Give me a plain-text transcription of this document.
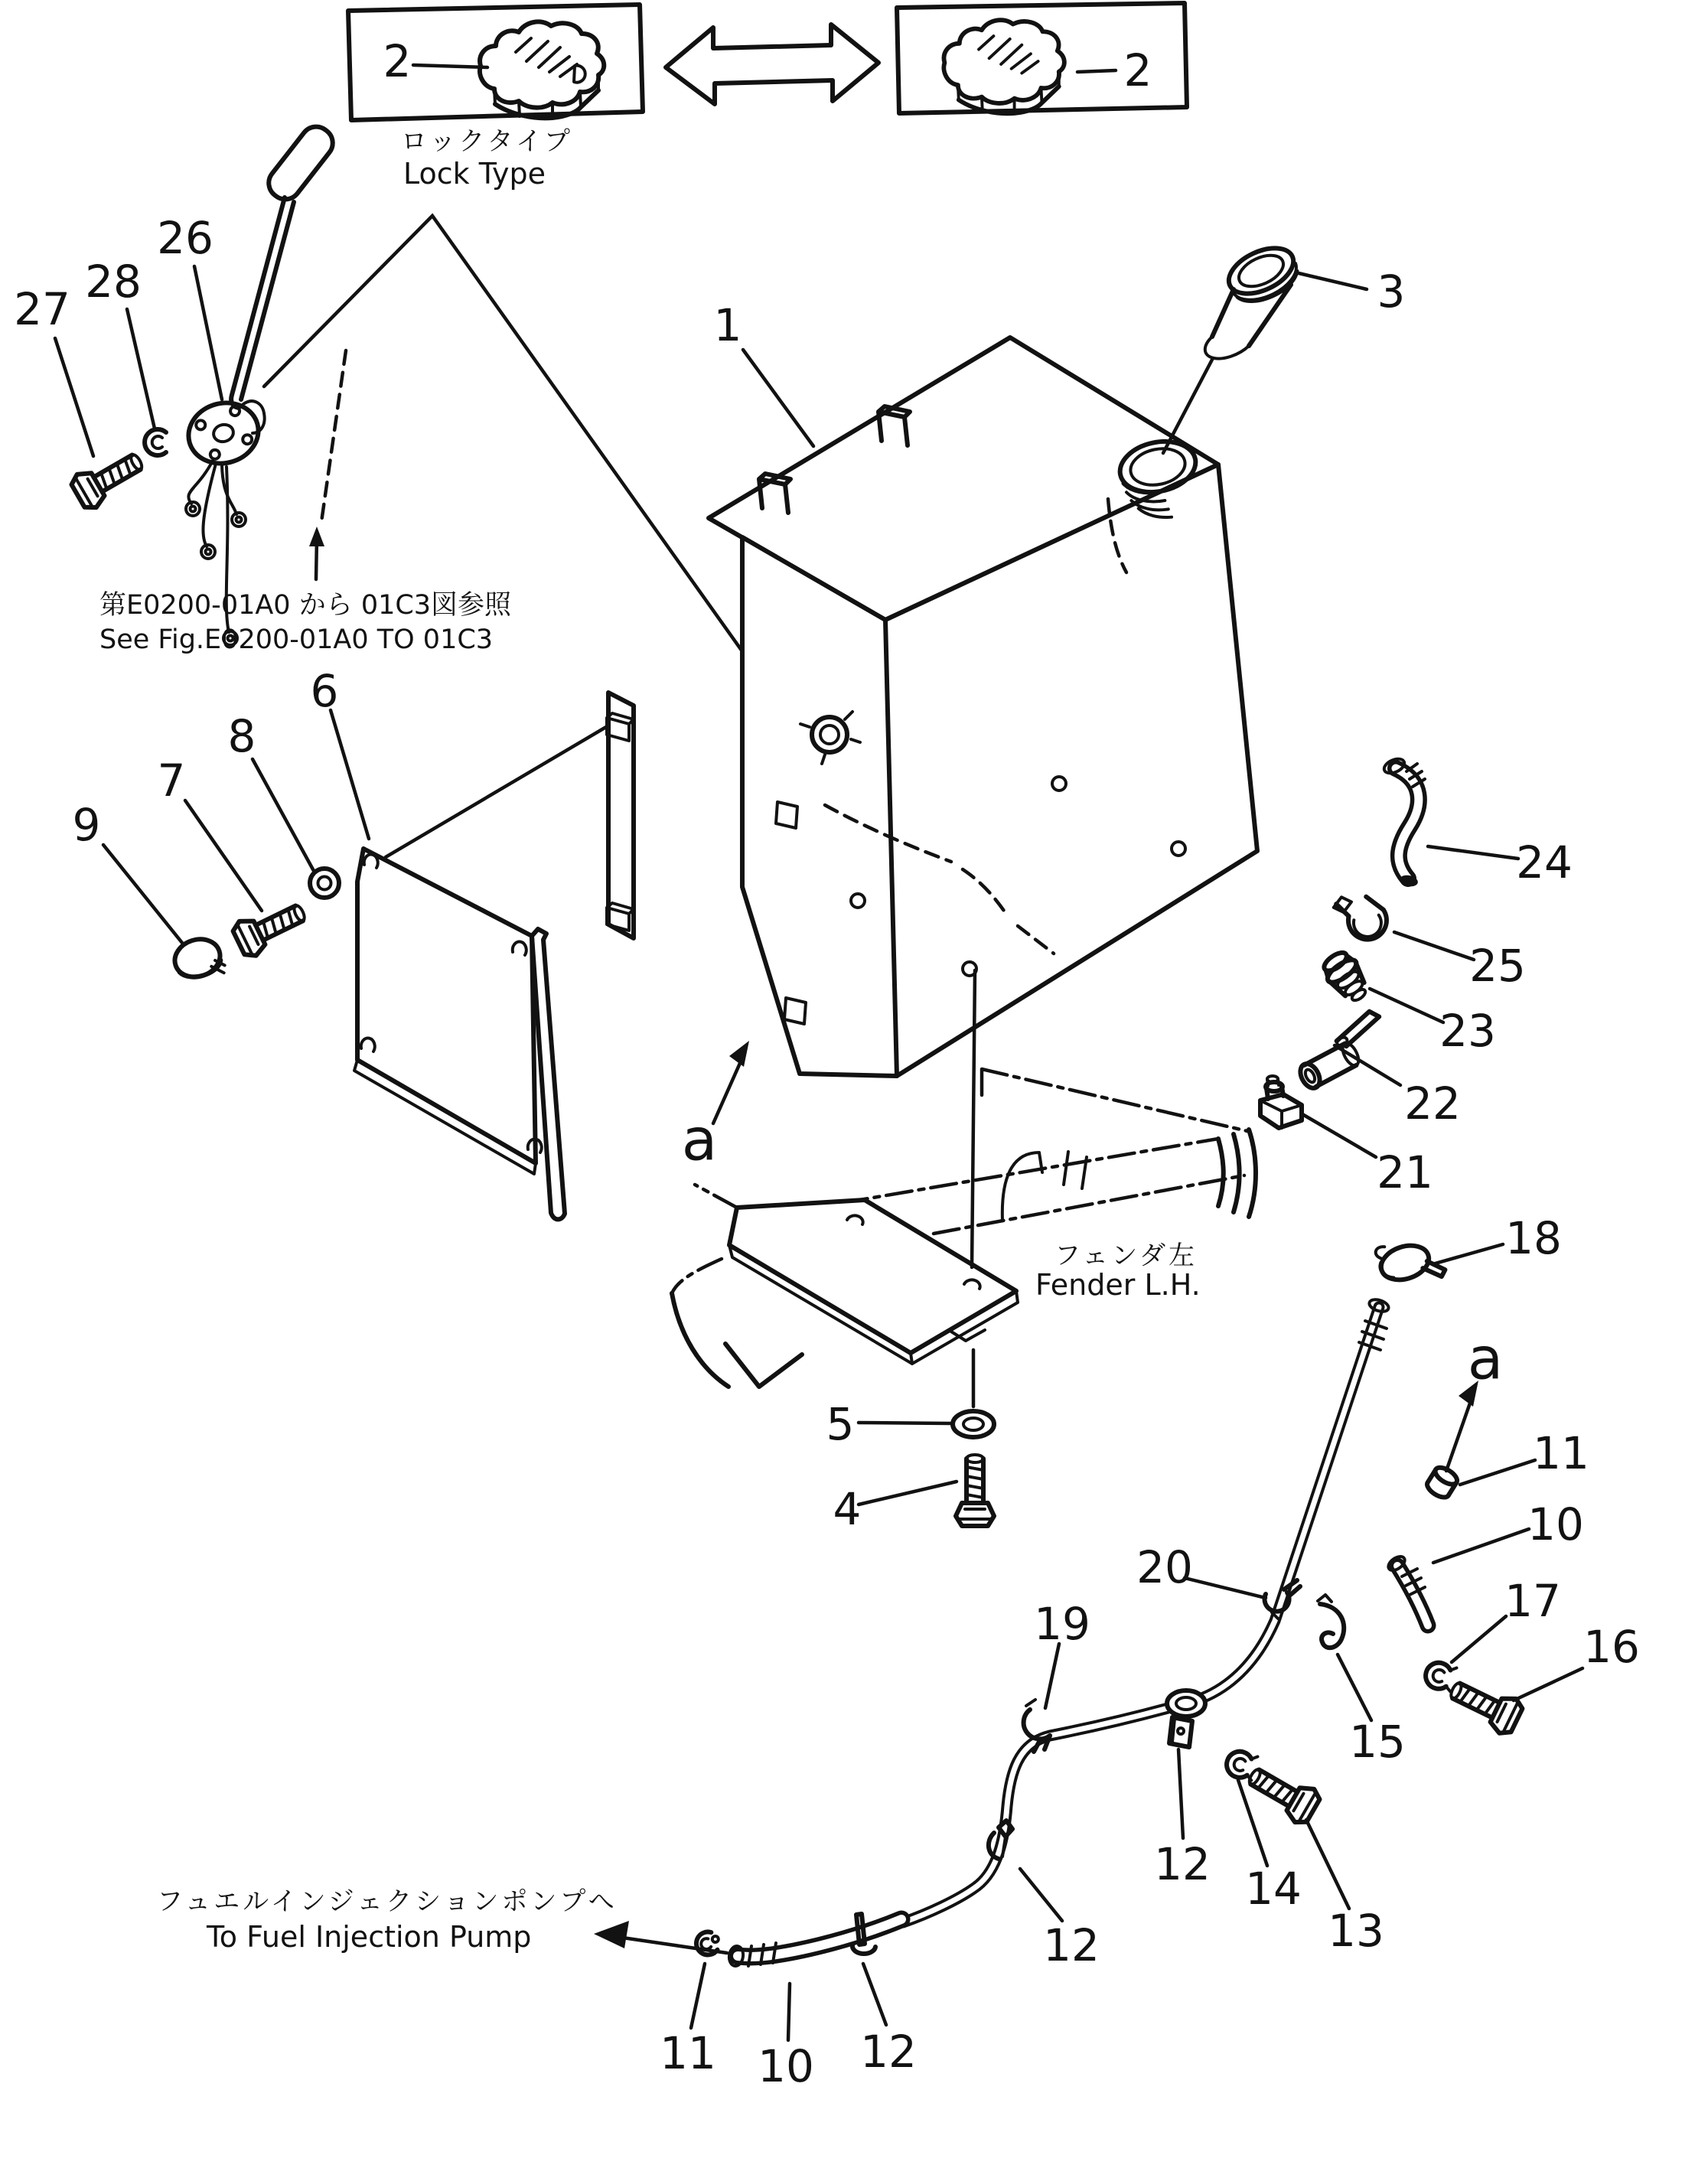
ロックタイプ
Lock Type
第E0200-01A0 から 01C3図参照
See Fig.E0200-01A0 TO 01C3
フェンダ左
Fender L.H.
フュエルインジェクションポンプへ
To Fuel Injection Pump
1
2	2
3
4
5
6
7
8
9
10
10
11
11
12
12
12
13
14
15
16
17
18
19
20
21
22
23
24
25
26
27
28
a
a
